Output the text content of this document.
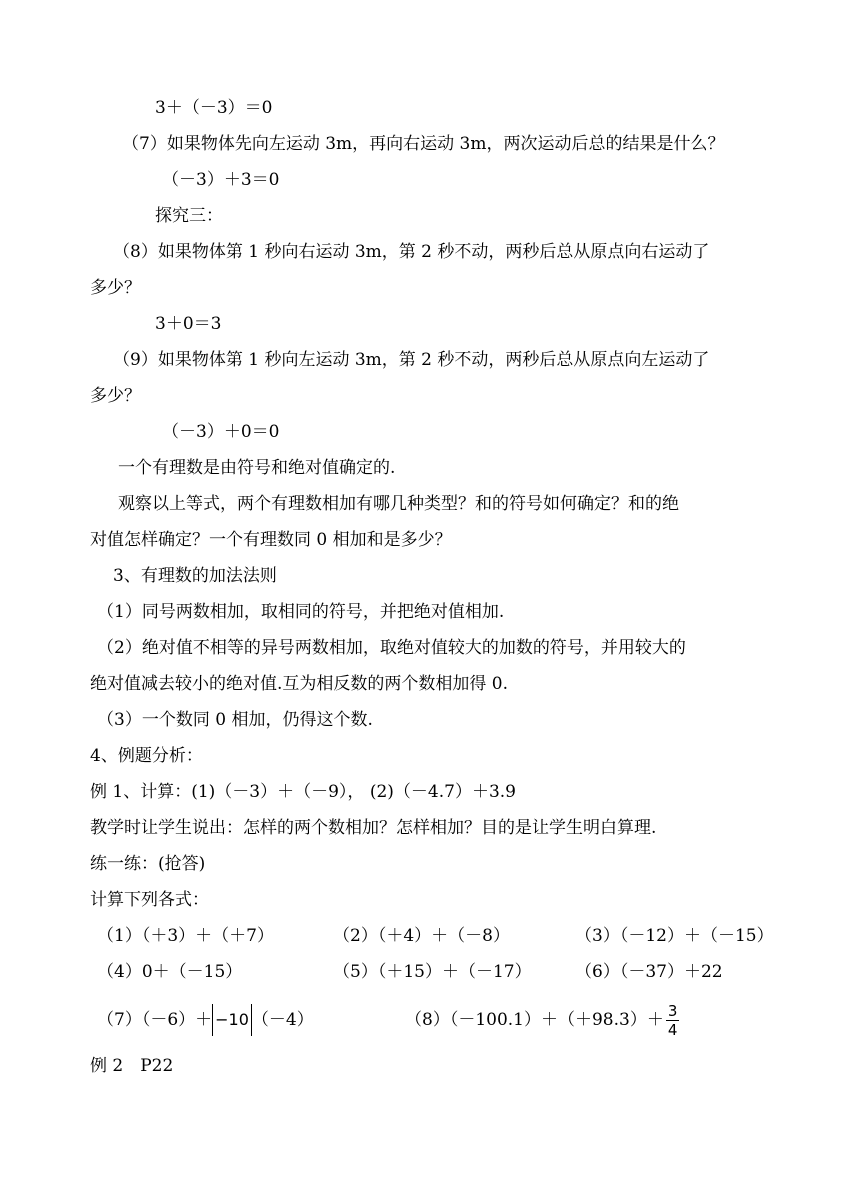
3＋（－3）＝0
（7）如果物体先向左运动 3m，再向右运动 3m，两次运动后总的结果是什么？
（－3）＋3＝0
探究三：
（8）如果物体第 1 秒向右运动 3m，第 2 秒不动，两秒后总从原点向右运动了
多少？
3＋0＝3
（9）如果物体第 1 秒向左运动 3m，第 2 秒不动，两秒后总从原点向左运动了
多少？
（－3）＋0＝0
一个有理数是由符号和绝对值确定的.
观察以上等式，两个有理数相加有哪几种类型？和的符号如何确定？和的绝
对值怎样确定？一个有理数同 0 相加和是多少？
3、有理数的加法法则
（1）同号两数相加，取相同的符号，并把绝对值相加.
（2）绝对值不相等的异号两数相加，取绝对值较大的加数的符号，并用较大的
绝对值减去较小的绝对值.互为相反数的两个数相加得 0.
（3）一个数同 0 相加，仍得这个数.
4、例题分析：
例 1、计算：(1)（－3）＋（－9）， (2)（－4.7）＋3.9
教学时让学生说出：怎样的两个数相加？怎样相加？目的是让学生明白算理.
练一练：(抢答)
计算下列各式：
（1）（＋3）＋（＋7）	（2）（＋4）＋（－8）	（3）（－12）＋（－15）
（4）0＋（－15）	（5）（＋15）＋（－17）	（6）（－37）＋22
（7）（－6）＋ −10 （－4）	$(8)(-100.1)+(+98.3)+ \frac{3}{4}$
例 2　P22
